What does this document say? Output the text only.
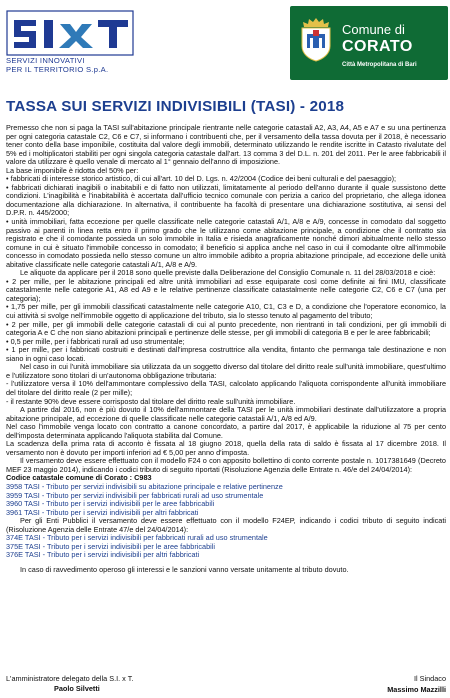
SERVIZI INNOVATIVI
PER IL TERRITORIO S.p.A.
Comune di
CORATO
Città Metropolitana di Bari
TASSA SUI SERVIZI INDIVISIBILI (TASI) - 2018

Premesso che non si paga la TASI sull'abitazione principale rientrante nelle categorie catastali A2, A3, A4, A5 e A7 e su una pertinenza per ogni categoria catastale C2, C6 e C7, si informano i contribuenti che, per il versamento della tassa dovuta per il 2018, è necessario tener conto della base imponibile, costituita dal valore degli immobili, determinato utilizzando le rendite iscritte in Catasto rivalutate del 5% ed i moltiplicatori stabiliti per ogni singola categoria catastale dall'art. 13 comma 3 del D.L. n. 201 del 2011. Per le aree fabbricabili il valore da utilizzare è quello venale di mercato al 1° gennaio dell'anno di imposizione.

La base imponibile è ridotta del 50% per:

• fabbricati di interesse storico artistico, di cui all'art. 10 del D. Lgs. n. 42/2004 (Codice dei beni culturali e del paesaggio);

• fabbricati dichiarati inagibili o inabitabili e di fatto non utilizzati, limitatamente al periodo dell'anno durante il quale sussistono dette condizioni. L'inagibilità e l'inabitabilità è accertata dall'ufficio tecnico comunale con perizia a carico del proprietario, che allega idonea documentazione alla dichiarazione. In alternativa, il contribuente ha facoltà di presentare una dichiarazione sostitutiva, ai sensi del D.P.R. n. 445/2000;

• unità immobiliari, fatta eccezione per quelle classificate nelle categorie catastali A/1, A/8 e A/9, concesse in comodato dal soggetto passivo ai parenti in linea retta entro il primo grado che le utilizzano come abitazione principale, a condizione che il contratto sia registrato e che il comodante possieda un solo immobile in Italia e risieda anagraficamente nonché dimori abitualmente nello stesso comune in cui è situato l'immobile concesso in comodato; il beneficio si applica anche nel caso in cui il comodante oltre all'immobile concesso in comodato possieda nello stesso comune un altro immobile adibito a propria abitazione principale, ad eccezione delle unità abitative classificate nelle categorie catastali A/1, A/8 e A/9.

Le aliquote da applicare per il 2018 sono quelle previste dalla Deliberazione del Consiglio Comunale n. 11 del 28/03/2018 e cioè:

• 2 per mille, per le abitazione principali ed altre unità immobiliari ad esse equiparate così come definite ai fini IMU, classificate catastalmente nelle categorie A1, A8 ed A9 e le relative pertinenze classificate catastalmente nelle categorie C2, C6 e C7 (una per categoria);

• 1,75 per mille, per gli immobili classificati catastalmente nelle categorie A10, C1, C3 e D, a condizione che l'operatore economico, la cui attività si svolge nell'immobile oggetto di applicazione del tributo, sia lo stesso tenuto al pagamento del tributo;

• 2 per mille, per gli immobili delle categorie catastali di cui al punto precedente, non rientranti in tali condizioni, per gli immobili di categoria A e C che non siano abitazioni principali e pertinenze delle stesse, per gli immobili di categoria B e per le aree fabbricabili;

• 0,5 per mille, per i fabbricati rurali ad uso strumentale;

• 1 per mille, per i fabbricati costruiti e destinati dall'impresa costruttrice alla vendita, fintanto che permanga tale destinazione e non siano in ogni caso locati.

Nel caso in cui l'unità immobiliare sia utilizzata da un soggetto diverso dal titolare del diritto reale sull'unità immobiliare, quest'ultimo e l'utilizzatore sono titolari di un'autonoma obbligazione tributaria:

- l'utilizzatore versa il 10% dell'ammontare complessivo della TASI, calcolato applicando l'aliquota corrispondente all'unità immobiliare del titolare del diritto reale (2 per mille);

- il restante 90% deve essere corrisposto dal titolare del diritto reale sull'unità immobiliare.

A partire dal 2016, non è più dovuto il 10% dell'ammontare della TASI per le unità immobiliari destinate dall'utilizzatore a propria abitazione principale, ad eccezione di quelle classificate nelle categorie catastali A/1, A/8 ed A/9.

Nel caso l'immobile venga locato con contratto a canone concordato, a partire dal 2017, è applicabile la riduzione al 75 per cento dell'imposta determinata applicando l'aliquota stabilita dal Comune.

La scadenza della prima rata di acconto è fissata al 18 giugno 2018, quella della rata di saldo è fissata al 17 dicembre 2018. Il versamento non è dovuto per importi inferiori ad € 5,00 per anno d'imposta.

Il versamento deve essere effettuato con il modello F24 o con apposito bollettino di conto corrente postale n. 1017381649 (Decreto MEF 23 maggio 2014), indicando i codici tributo di seguito riportati (Risoluzione Agenzia delle Entrate n. 46/e del 24/04/2014):

Codice catastale comune di Corato : C983

3958 TASI - Tributo per servizi indivisibili su abitazione principale e relative pertinenze

3959 TASI - Tributo per servizi indivisibili per fabbricati rurali ad uso strumentale

3960 TASI - Tributo per i servizi indivisibili per le aree fabbricabili

3961 TASI - Tributo per i servizi indivisibili per altri fabbricati

Per gli Enti Pubblici il versamento deve essere effettuato con il modello F24EP, indicando i codici tributo di seguito indicati (Risoluzione Agenzia delle Entrate 47/e del 24/04/2014):

374E TASI - Tributo per i servizi indivisibili per fabbricati rurali ad uso strumentale

375E TASI - Tributo per i servizi indivisibili per le aree fabbricabili

376E TASI - Tributo per i servizi indivisibili per altri fabbricati

In caso di ravvedimento operoso gli interessi e le sanzioni vanno versate unitamente al tributo dovuto.

L'amministratore delegato della S.I. x T.
Paolo Silvetti
Il Sindaco
Massimo Mazzilli
